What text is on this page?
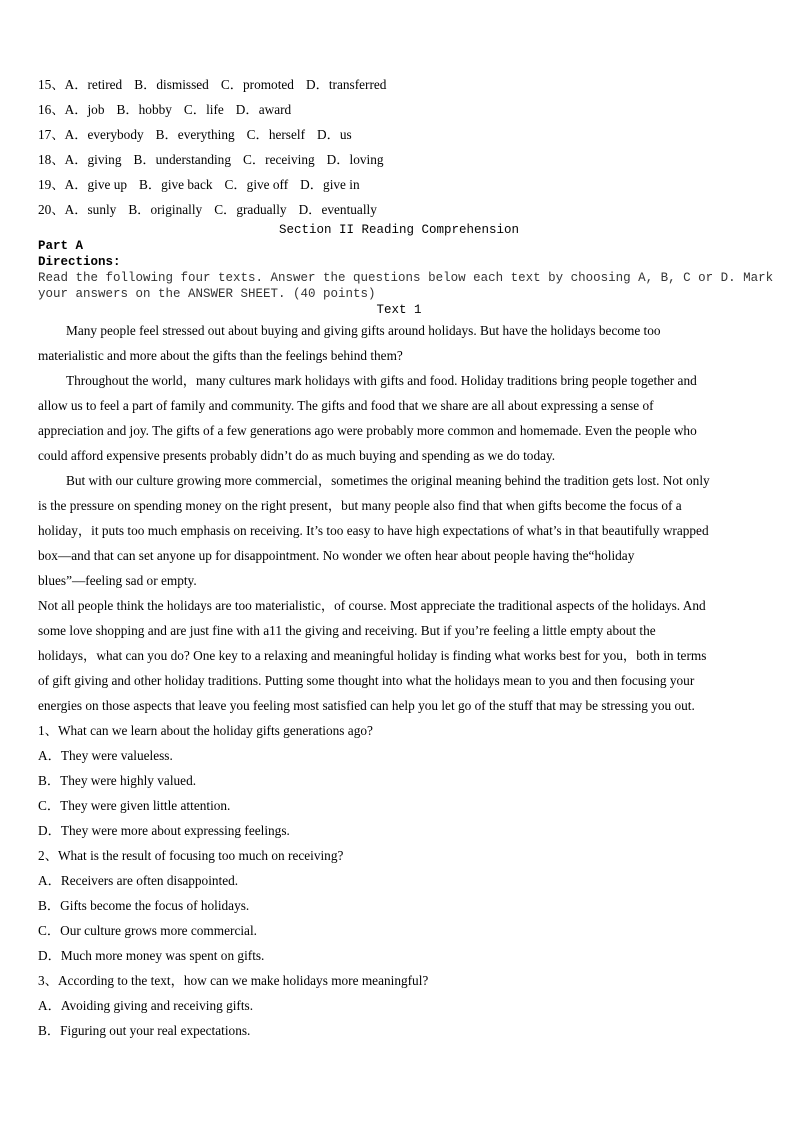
15、A．retired B．dismissed C．promoted D．transferred
16、A．job B．hobby C．life D．award
17、A．everybody B．everything C．herself D．us
18、A．giving B．understanding C．receiving D．loving
19、A．give up B．give back C．give off D．give in
20、A．sunly B．originally C．gradually D．eventually
Section II Reading Comprehension
Part A
Directions:
Read the following four texts. Answer the questions below each text by choosing A, B, C or D. Mark
your answers on the ANSWER SHEET. (40 points)
Text 1
Many people feel stressed out about buying and giving gifts around holidays. But have the holidays become too
materialistic and more about the gifts than the feelings behind them?
Throughout the world，many cultures mark holidays with gifts and food. Holiday traditions bring people together and
allow us to feel a part of family and community. The gifts and food that we share are all about expressing a sense of
appreciation and joy. The gifts of a few generations ago were probably more common and homemade. Even the people who
could afford expensive presents probably didn’t do as much buying and spending as we do today.
But with our culture growing more commercial，sometimes the original meaning behind the tradition gets lost. Not only
is the pressure on spending money on the right present，but many people also find that when gifts become the focus of a
holiday，it puts too much emphasis on receiving. It’s too easy to have high expectations of what’s in that beautifully wrapped
box—and that can set anyone up for disappointment. No wonder we often hear about people having the“holiday
blues”—feeling sad or empty.
Not all people think the holidays are too materialistic，of course. Most appreciate the traditional aspects of the holidays. And
some love shopping and are just fine with a11 the giving and receiving. But if you’re feeling a little empty about the
holidays，what can you do? One key to a relaxing and meaningful holiday is finding what works best for you，both in terms
of gift giving and other holiday traditions. Putting some thought into what the holidays mean to you and then focusing your
energies on those aspects that leave you feeling most satisfied can help you let go of the stuff that may be stressing you out.
1、What can we learn about the holiday gifts generations ago?
A．They were valueless.
B．They were highly valued.
C．They were given little attention.
D．They were more about expressing feelings.
2、What is the result of focusing too much on receiving?
A．Receivers are often disappointed.
B．Gifts become the focus of holidays.
C．Our culture grows more commercial.
D．Much more money was spent on gifts.
3、According to the text，how can we make holidays more meaningful?
A．Avoiding giving and receiving gifts.
B．Figuring out your real expectations.
